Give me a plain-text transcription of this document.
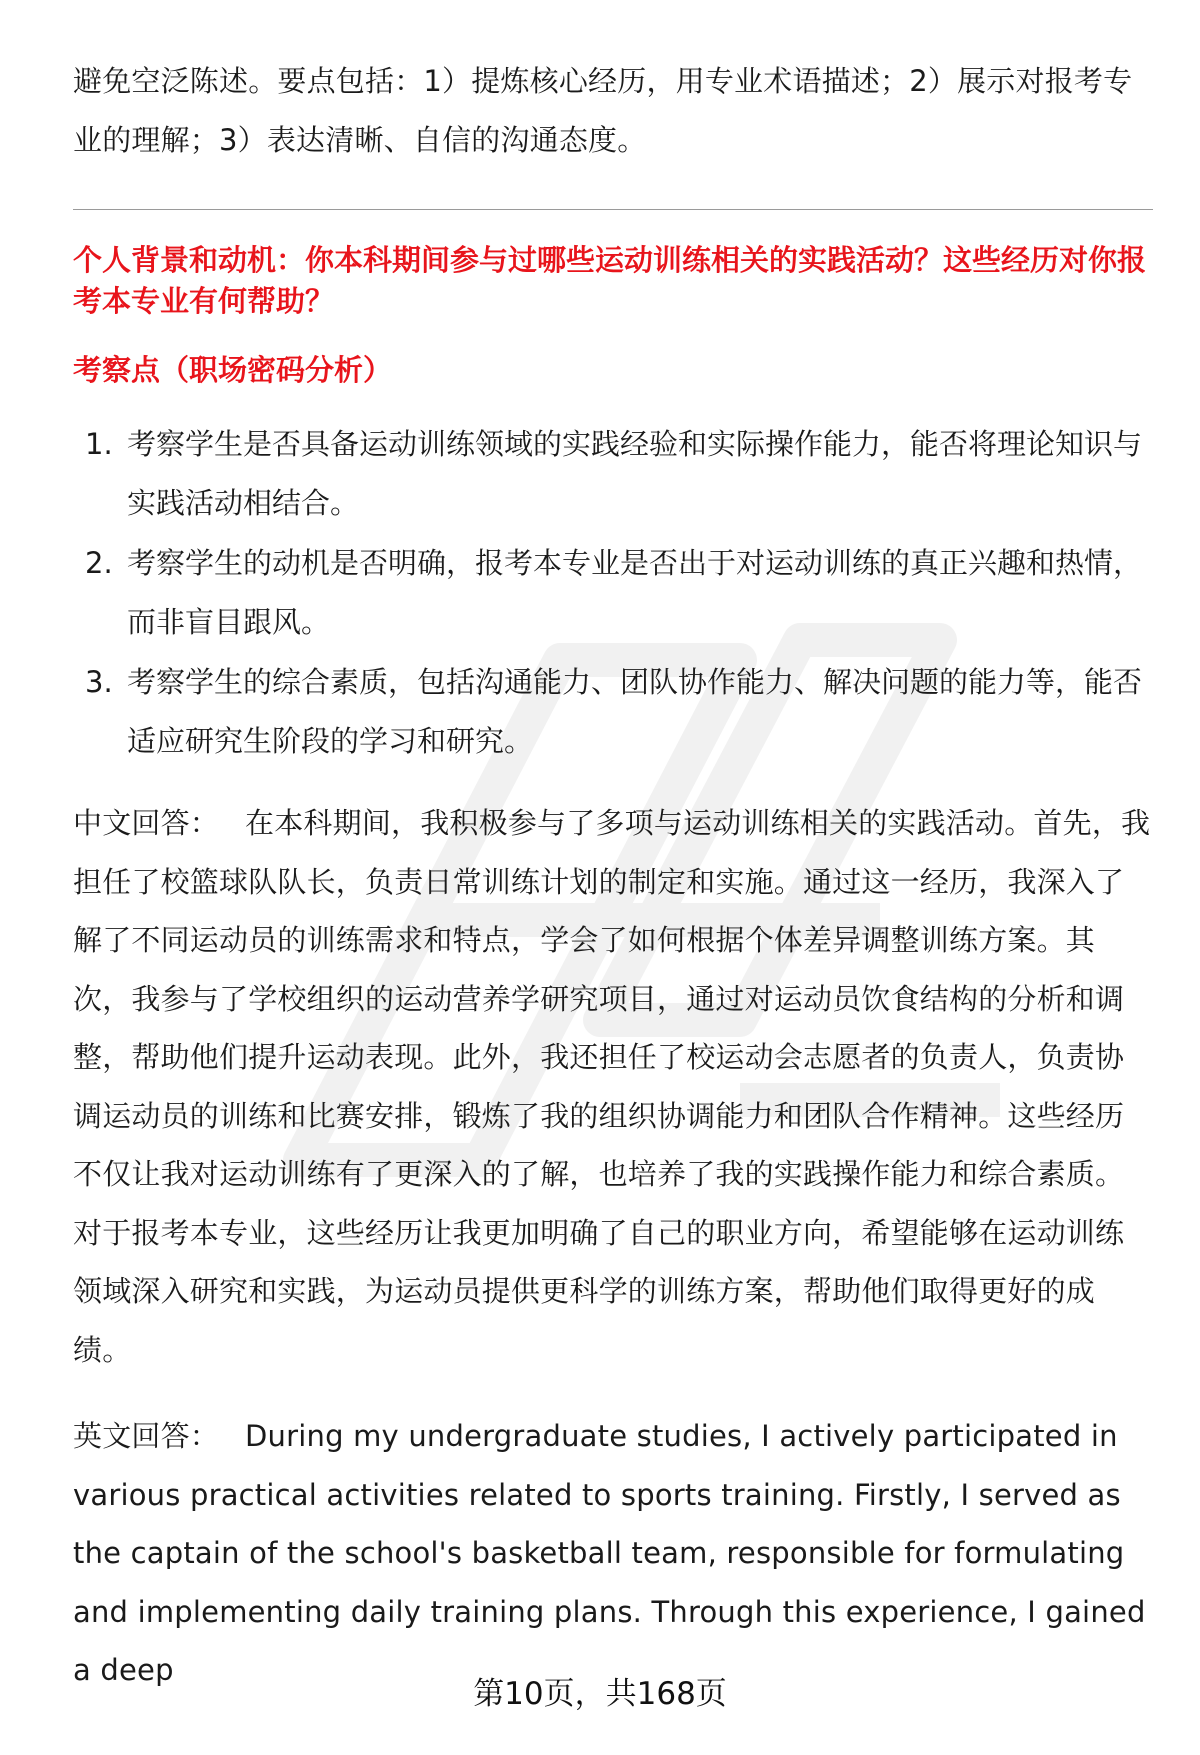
避免空泛陈述。要点包括：1）提炼核心经历，用专业术语描述；2）展示对报考专业的理解；3）表达清晰、自信的沟通态度。

个人背景和动机：你本科期间参与过哪些运动训练相关的实践活动？这些经历对你报考本专业有何帮助？

考察点（职场密码分析）

1. 考察学生是否具备运动训练领域的实践经验和实际操作能力，能否将理论知识与实践活动相结合。
2. 考察学生的动机是否明确，报考本专业是否出于对运动训练的真正兴趣和热情，而非盲目跟风。
3. 考察学生的综合素质，包括沟通能力、团队协作能力、解决问题的能力等，能否适应研究生阶段的学习和研究。

中文回答： 在本科期间，我积极参与了多项与运动训练相关的实践活动。首先，我担任了校篮球队队长，负责日常训练计划的制定和实施。通过这一经历，我深入了解了不同运动员的训练需求和特点，学会了如何根据个体差异调整训练方案。其次，我参与了学校组织的运动营养学研究项目，通过对运动员饮食结构的分析和调整，帮助他们提升运动表现。此外，我还担任了校运动会志愿者的负责人，负责协调运动员的训练和比赛安排，锻炼了我的组织协调能力和团队合作精神。这些经历不仅让我对运动训练有了更深入的了解，也培养了我的实践操作能力和综合素质。对于报考本专业，这些经历让我更加明确了自己的职业方向，希望能够在运动训练领域深入研究和实践，为运动员提供更科学的训练方案，帮助他们取得更好的成绩。

英文回答： During my undergraduate studies, I actively participated in various practical activities related to sports training. Firstly, I served as the captain of the school's basketball team, responsible for formulating and implementing daily training plans. Through this experience, I gained a deep

第10页，共168页
